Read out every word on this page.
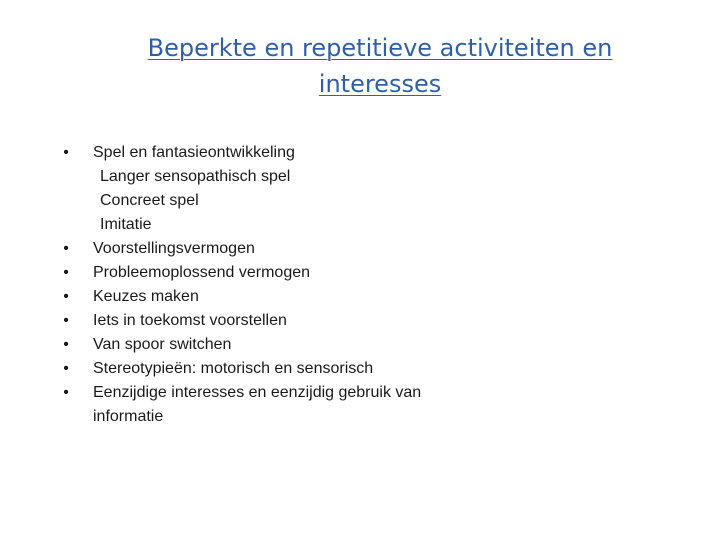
Beperkte en repetitieve activiteiten en
interesses
• Spel en fantasieontwikkeling
Langer sensopathisch spel
Concreet spel
Imitatie
• Voorstellingsvermogen
• Probleemoplossend vermogen
• Keuzes maken
• Iets in toekomst voorstellen
• Van spoor switchen
• Stereotypieën: motorisch en sensorisch
• Eenzijdige interesses en eenzijdig gebruik van informatie
